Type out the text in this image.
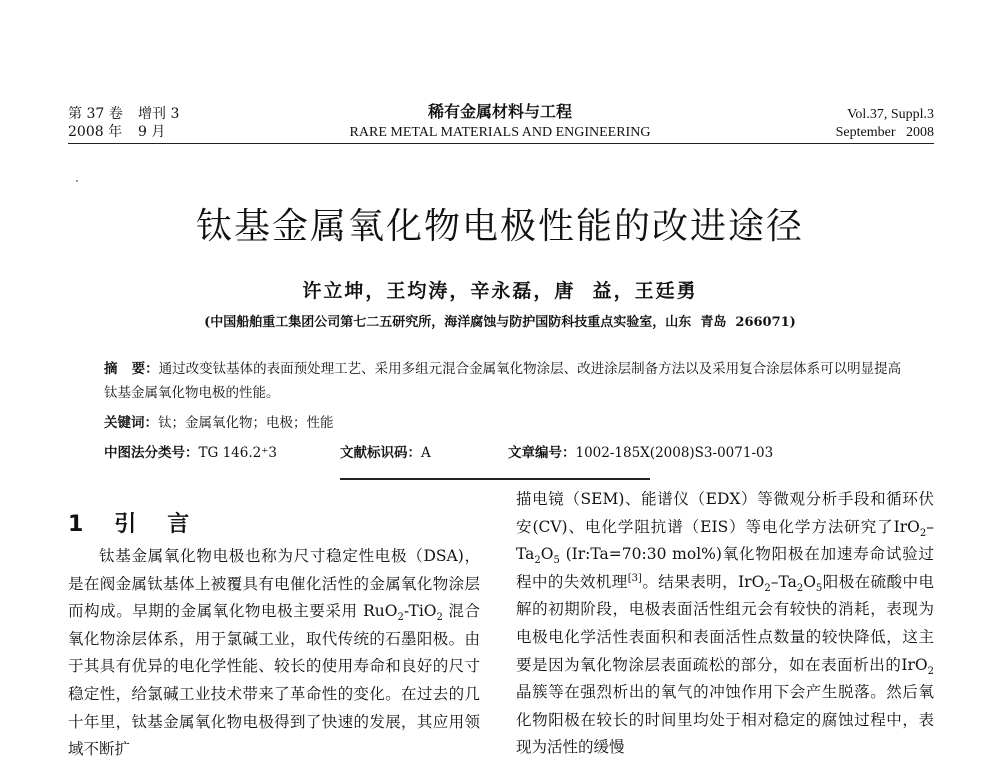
第 37 卷 增刊 3
2008 年 9 月
稀有金属材料与工程
RARE METAL MATERIALS AND ENGINEERING
Vol.37, Suppl.3
September   2008
钛基金属氧化物电极性能的改进途径
许立坤，王均涛，辛永磊，唐  益，王廷勇
(中国船舶重工集团公司第七二五研究所，海洋腐蚀与防护国防科技重点实验室，山东  青岛  266071)
摘   要：通过改变钛基体的表面预处理工艺、采用多组元混合金属氧化物涂层、改进涂层制备方法以及采用复合涂层体系可以明显提高钛基金属氧化物电极的性能。
关键词：钛；金属氧化物；电极；性能
中图法分类号：TG 146.2⁺3	文献标识码：A	文章编号：1002-185X(2008)S3-0071-03
1 引   言

钛基金属氧化物电极也称为尺寸稳定性电极（DSA)，是在阀金属钛基体上被覆具有电催化活性的金属氧化物涂层而构成。早期的金属氧化物电极主要采用 RuO$_2$-TiO$_2$ 混合氧化物涂层体系，用于氯碱工业，取代传统的石墨阳极。由于其具有优异的电化学性能、较长的使用寿命和良好的尺寸稳定性，给氯碱工业技术带来了革命性的变化。在过去的几十年里，钛基金属氧化物电极得到了快速的发展，其应用领域不断扩

描电镜（SEM)、能谱仪（EDX）等微观分析手段和循环伏安(CV)、电化学阻抗谱（EIS）等电化学方法研究了$IrO_2-Ta_2O_5$ (Ir:Ta=70:30 mol%)氧化物阳极在加速寿命试验过程中的失效机理[3]。结果表明，$IrO_2-Ta_2O_5$阳极在硫酸中电解的初期阶段，电极表面活性组元会有较快的消耗，表现为电极电化学活性表面积和表面活性点数量的较快降低，这主要是因为氧化物涂层表面疏松的部分，如在表面析出的IrO$_2$晶簇等在强烈析出的氧气的冲蚀作用下会产生脱落。然后氧化物阳极在较长的时间里均处于相对稳定的腐蚀过程中，表现为活性的缓慢
